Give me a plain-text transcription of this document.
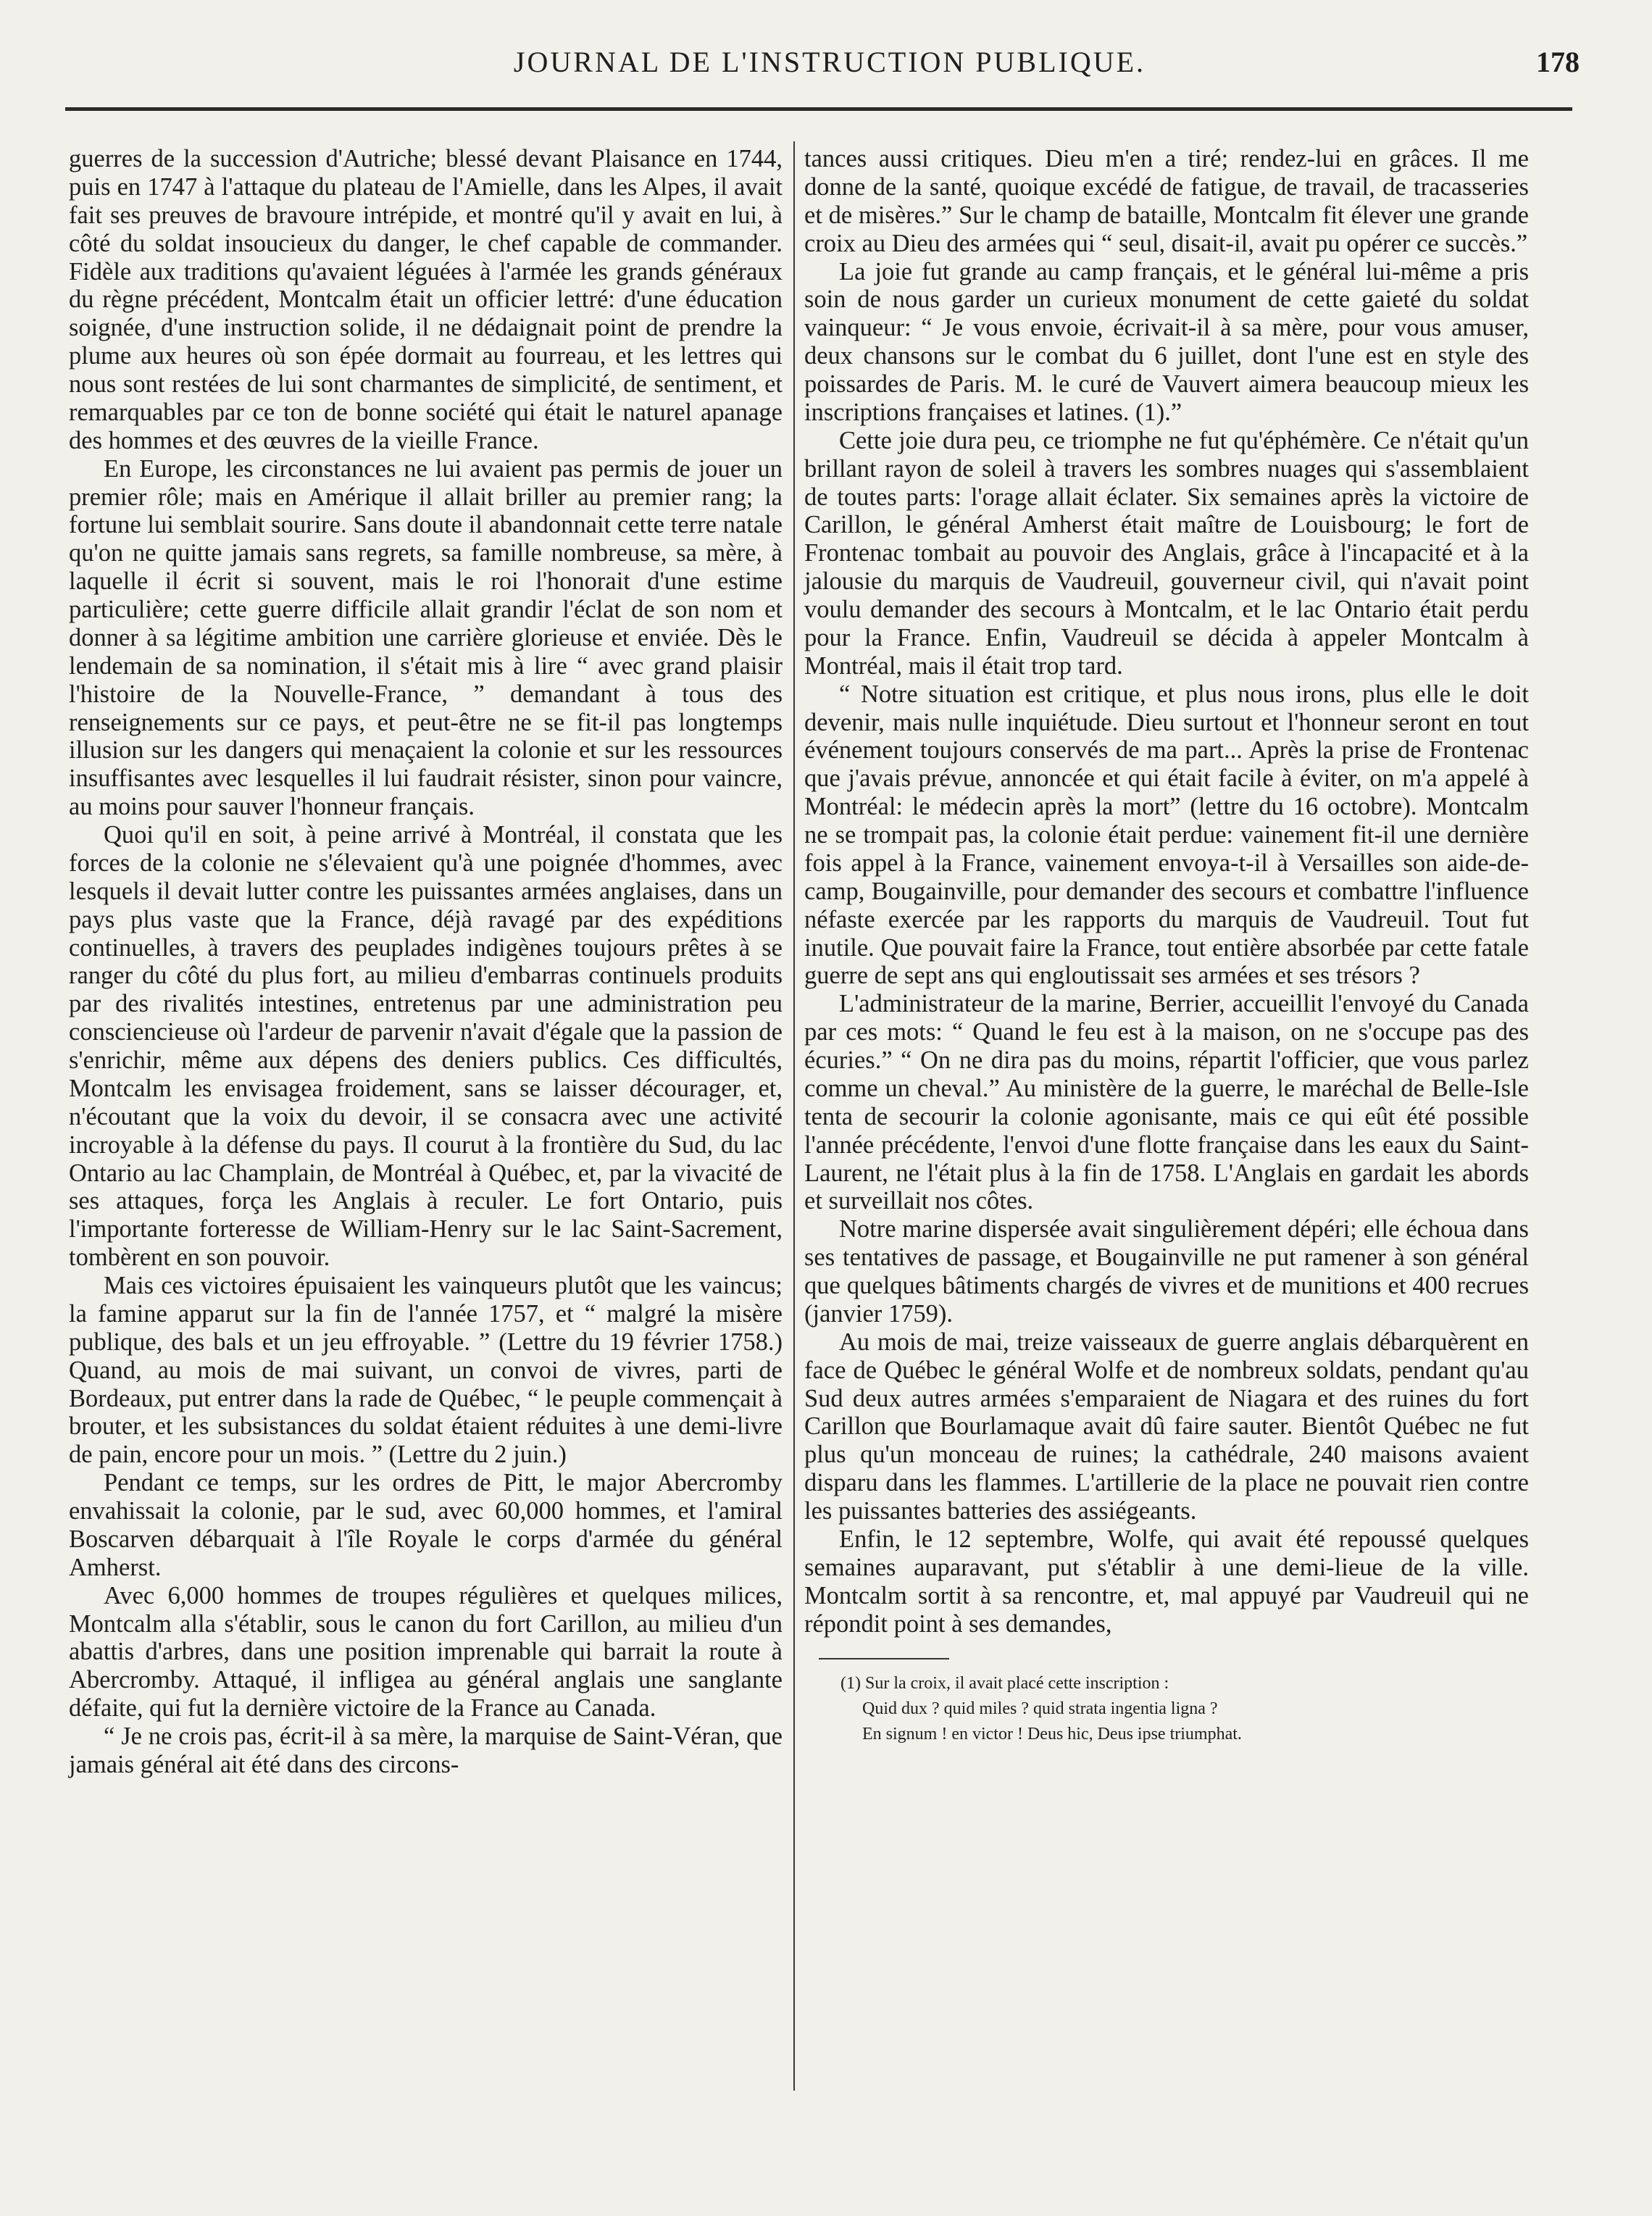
JOURNAL DE L'INSTRUCTION PUBLIQUE.	178

guerres de la succession d'Autriche; blessé devant Plaisance en 1744, puis en 1747 à l'attaque du plateau de l'Amielle, dans les Alpes, il avait fait ses preuves de bravoure intrépide, et montré qu'il y avait en lui, à côté du soldat insoucieux du danger, le chef capable de commander. Fidèle aux traditions qu'avaient léguées à l'armée les grands généraux du règne précédent, Montcalm était un officier lettré: d'une éducation soignée, d'une instruction solide, il ne dédaignait point de prendre la plume aux heures où son épée dormait au fourreau, et les lettres qui nous sont restées de lui sont charmantes de simplicité, de sentiment, et remarquables par ce ton de bonne société qui était le naturel apanage des hommes et des œuvres de la vieille France.

En Europe, les circonstances ne lui avaient pas permis de jouer un premier rôle; mais en Amérique il allait briller au premier rang; la fortune lui semblait sourire. Sans doute il abandonnait cette terre natale qu'on ne quitte jamais sans regrets, sa famille nombreuse, sa mère, à laquelle il écrit si souvent, mais le roi l'honorait d'une estime particulière; cette guerre difficile allait grandir l'éclat de son nom et donner à sa légitime ambition une carrière glorieuse et enviée. Dès le lendemain de sa nomination, il s'était mis à lire “ avec grand plaisir l'histoire de la Nouvelle-France, ” demandant à tous des renseignements sur ce pays, et peut-être ne se fit-il pas longtemps illusion sur les dangers qui menaçaient la colonie et sur les ressources insuffisantes avec lesquelles il lui faudrait résister, sinon pour vaincre, au moins pour sauver l'honneur français.

Quoi qu'il en soit, à peine arrivé à Montréal, il constata que les forces de la colonie ne s'élevaient qu'à une poignée d'hommes, avec lesquels il devait lutter contre les puissantes armées anglaises, dans un pays plus vaste que la France, déjà ravagé par des expéditions continuelles, à travers des peuplades indigènes toujours prêtes à se ranger du côté du plus fort, au milieu d'embarras continuels produits par des rivalités intestines, entretenus par une administration peu consciencieuse où l'ardeur de parvenir n'avait d'égale que la passion de s'enrichir, même aux dépens des deniers publics. Ces difficultés, Montcalm les envisagea froidement, sans se laisser décourager, et, n'écoutant que la voix du devoir, il se consacra avec une activité incroyable à la défense du pays. Il courut à la frontière du Sud, du lac Ontario au lac Champlain, de Montréal à Québec, et, par la vivacité de ses attaques, força les Anglais à reculer. Le fort Ontario, puis l'importante forteresse de William-Henry sur le lac Saint-Sacrement, tombèrent en son pouvoir.

Mais ces victoires épuisaient les vainqueurs plutôt que les vaincus; la famine apparut sur la fin de l'année 1757, et “ malgré la misère publique, des bals et un jeu effroyable. ” (Lettre du 19 février 1758.) Quand, au mois de mai suivant, un convoi de vivres, parti de Bordeaux, put entrer dans la rade de Québec, “ le peuple commençait à brouter, et les subsistances du soldat étaient réduites à une demi-livre de pain, encore pour un mois. ” (Lettre du 2 juin.)

Pendant ce temps, sur les ordres de Pitt, le major Abercromby envahissait la colonie, par le sud, avec 60,000 hommes, et l'amiral Boscarven débarquait à l'île Royale le corps d'armée du général Amherst.

Avec 6,000 hommes de troupes régulières et quelques milices, Montcalm alla s'établir, sous le canon du fort Carillon, au milieu d'un abattis d'arbres, dans une position imprenable qui barrait la route à Abercromby. Attaqué, il infligea au général anglais une sanglante défaite, qui fut la dernière victoire de la France au Canada.

“ Je ne crois pas, écrit-il à sa mère, la marquise de Saint-Véran, que jamais général ait été dans des circons-

tances aussi critiques. Dieu m'en a tiré; rendez-lui en grâces. Il me donne de la santé, quoique excédé de fatigue, de travail, de tracasseries et de misères.” Sur le champ de bataille, Montcalm fit élever une grande croix au Dieu des armées qui “ seul, disait-il, avait pu opérer ce succès.”

La joie fut grande au camp français, et le général lui-même a pris soin de nous garder un curieux monument de cette gaieté du soldat vainqueur: “ Je vous envoie, écrivait-il à sa mère, pour vous amuser, deux chansons sur le combat du 6 juillet, dont l'une est en style des poissardes de Paris. M. le curé de Vauvert aimera beaucoup mieux les inscriptions françaises et latines. (1).”

Cette joie dura peu, ce triomphe ne fut qu'éphémère. Ce n'était qu'un brillant rayon de soleil à travers les sombres nuages qui s'assemblaient de toutes parts: l'orage allait éclater. Six semaines après la victoire de Carillon, le général Amherst était maître de Louisbourg; le fort de Frontenac tombait au pouvoir des Anglais, grâce à l'incapacité et à la jalousie du marquis de Vaudreuil, gouverneur civil, qui n'avait point voulu demander des secours à Montcalm, et le lac Ontario était perdu pour la France. Enfin, Vaudreuil se décida à appeler Montcalm à Montréal, mais il était trop tard.

“ Notre situation est critique, et plus nous irons, plus elle le doit devenir, mais nulle inquiétude. Dieu surtout et l'honneur seront en tout événement toujours conservés de ma part... Après la prise de Frontenac que j'avais prévue, annoncée et qui était facile à éviter, on m'a appelé à Montréal: le médecin après la mort” (lettre du 16 octobre). Montcalm ne se trompait pas, la colonie était perdue: vainement fit-il une dernière fois appel à la France, vainement envoya-t-il à Versailles son aide-de-camp, Bougainville, pour demander des secours et combattre l'influence néfaste exercée par les rapports du marquis de Vaudreuil. Tout fut inutile. Que pouvait faire la France, tout entière absorbée par cette fatale guerre de sept ans qui engloutissait ses armées et ses trésors ?

L'administrateur de la marine, Berrier, accueillit l'envoyé du Canada par ces mots: “ Quand le feu est à la maison, on ne s'occupe pas des écuries.” “ On ne dira pas du moins, répartit l'officier, que vous parlez comme un cheval.” Au ministère de la guerre, le maréchal de Belle-Isle tenta de secourir la colonie agonisante, mais ce qui eût été possible l'année précédente, l'envoi d'une flotte française dans les eaux du Saint-Laurent, ne l'était plus à la fin de 1758. L'Anglais en gardait les abords et surveillait nos côtes.

Notre marine dispersée avait singulièrement dépéri; elle échoua dans ses tentatives de passage, et Bougainville ne put ramener à son général que quelques bâtiments chargés de vivres et de munitions et 400 recrues (janvier 1759).

Au mois de mai, treize vaisseaux de guerre anglais débarquèrent en face de Québec le général Wolfe et de nombreux soldats, pendant qu'au Sud deux autres armées s'emparaient de Niagara et des ruines du fort Carillon que Bourlamaque avait dû faire sauter. Bientôt Québec ne fut plus qu'un monceau de ruines; la cathédrale, 240 maisons avaient disparu dans les flammes. L'artillerie de la place ne pouvait rien contre les puissantes batteries des assiégeants.

Enfin, le 12 septembre, Wolfe, qui avait été repoussé quelques semaines auparavant, put s'établir à une demi-lieue de la ville. Montcalm sortit à sa rencontre, et, mal appuyé par Vaudreuil qui ne répondit point à ses demandes,

(1) Sur la croix, il avait placé cette inscription :

Quid dux ? quid miles ? quid strata ingentia ligna ?

En signum ! en victor ! Deus hic, Deus ipse triumphat.
